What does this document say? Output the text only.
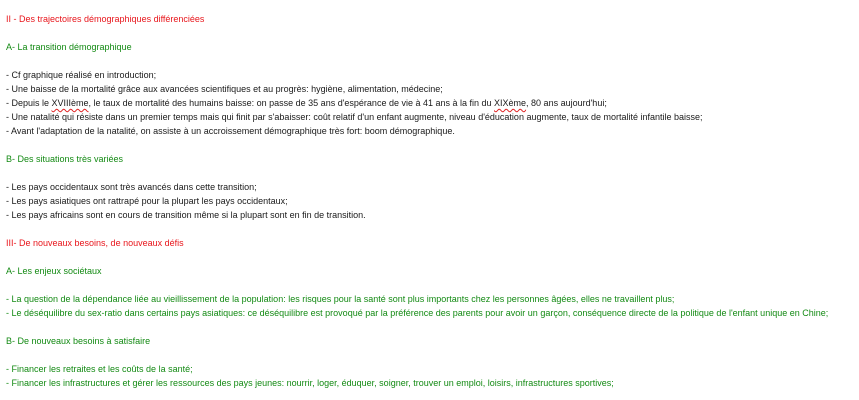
II - Des trajectoires démographiques différenciées
A- La transition démographique
- Cf graphique réalisé en introduction;
- Une baisse de la mortalité grâce aux avancées scientifiques et au progrès: hygiène, alimentation, médecine;
- Depuis le XVIIIème, le taux de mortalité des humains baisse: on passe de 35 ans d'espérance de vie à 41 ans à la fin du XIXème, 80 ans aujourd'hui;
- Une natalité qui résiste dans un premier temps mais qui finit par s'abaisser: coût relatif d'un enfant augmente, niveau d'éducation augmente, taux de mortalité infantile baisse;
- Avant l'adaptation de la natalité, on assiste à un accroissement démographique très fort: boom démographique.
B- Des situations très variées
- Les pays occidentaux sont très avancés dans cette transition;
- Les pays asiatiques ont rattrapé pour la plupart les pays occidentaux;
- Les pays africains sont en cours de transition même si la plupart sont en fin de transition.
III- De nouveaux besoins, de nouveaux défis
A- Les enjeux sociétaux
- La question de la dépendance liée au vieillissement de la population: les risques pour la santé sont plus importants chez les personnes âgées, elles ne travaillent plus;
- Le déséquilibre du sex-ratio dans certains pays asiatiques: ce déséquilibre est provoqué par la préférence des parents pour avoir un garçon, conséquence directe de la politique de l'enfant unique en Chine;
B- De nouveaux besoins à satisfaire
- Financer les retraites et les coûts de la santé;
- Financer les infrastructures et gérer les ressources des pays jeunes: nourrir, loger, éduquer, soigner, trouver un emploi, loisirs, infrastructures sportives;
